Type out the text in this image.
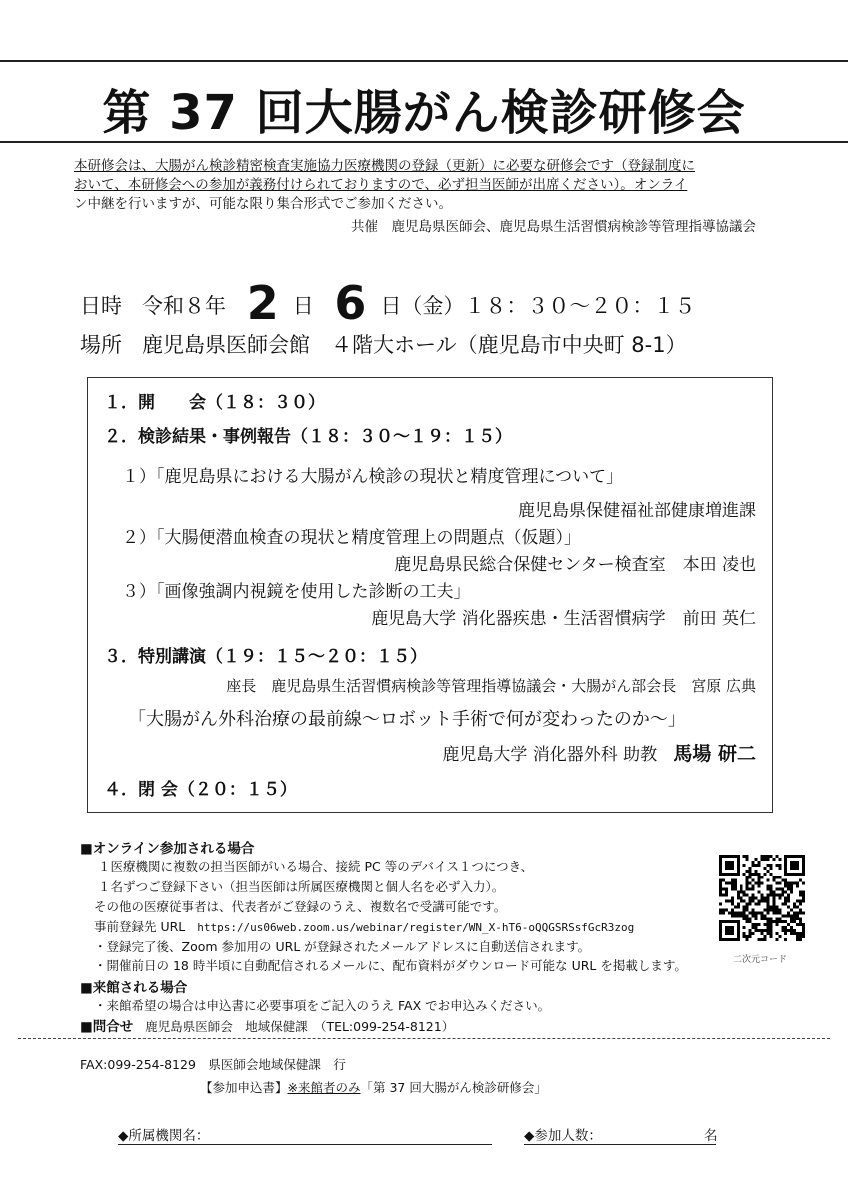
第 37 回大腸がん検診研修会
本研修会は、大腸がん検診精密検査実施協力医療機関の登録（更新）に必要な研修会です（登録制度に
おいて、本研修会への参加が義務付けられておりますので、必ず担当医師が出席ください）。オンライ
ン中継を行いますが、可能な限り集合形式でご参加ください。
共催　鹿児島県医師会、鹿児島県生活習慣病検診等管理指導協議会
日時 令和８年 2 日 6 日（金）１８：３０～２０：１５
場所 鹿児島県医師会館　４階大ホール（鹿児島市中央町 8-1）
１．開　　会（１８：３０）
２．検診結果・事例報告（１８：３０～１９：１５）
１）「鹿児島県における大腸がん検診の現状と精度管理について」
鹿児島県保健福祉部健康増進課
２）「大腸便潜血検査の現状と精度管理上の問題点（仮題）」
鹿児島県民総合保健センター検査室　本田 凌也
３）「画像強調内視鏡を使用した診断の工夫」
鹿児島大学 消化器疾患・生活習慣病学　前田 英仁
３．特別講演（１９：１５～２０：１５）
座長　鹿児島県生活習慣病検診等管理指導協議会・大腸がん部会長　宮原 広典
「大腸がん外科治療の最前線～ロボット手術で何が変わったのか～」
鹿児島大学 消化器外科 助教 馬場 研二
４．閉 会（２０：１５）
■オンライン参加される場合
１医療機関に複数の担当医師がいる場合、接続 PC 等のデバイス１つにつき、
１名ずつご登録下さい（担当医師は所属医療機関と個人名を必ず入力）。
その他の医療従事者は、代表者がご登録のうえ、複数名で受講可能です。
事前登録先 URL https://us06web.zoom.us/webinar/register/WN_X-hT6-oQQGSRSsfGcR3zog
・登録完了後、Zoom 参加用の URL が登録されたメールアドレスに自動送信されます。
・開催前日の 18 時半頃に自動配信されるメールに、配布資料がダウンロード可能な URL を掲載します。	二次元コード
■来館される場合
・来館希望の場合は申込書に必要事項をご記入のうえ FAX でお申込みください。
■問合せ 鹿児島県医師会　地域保健課　（TEL:099-254-8121）
FAX:099-254-8129　県医師会地域保健課　行
【参加申込書】※来館者のみ「第 37 回大腸がん検診研修会」
◆所属機関名：	◆参加人数：	名
